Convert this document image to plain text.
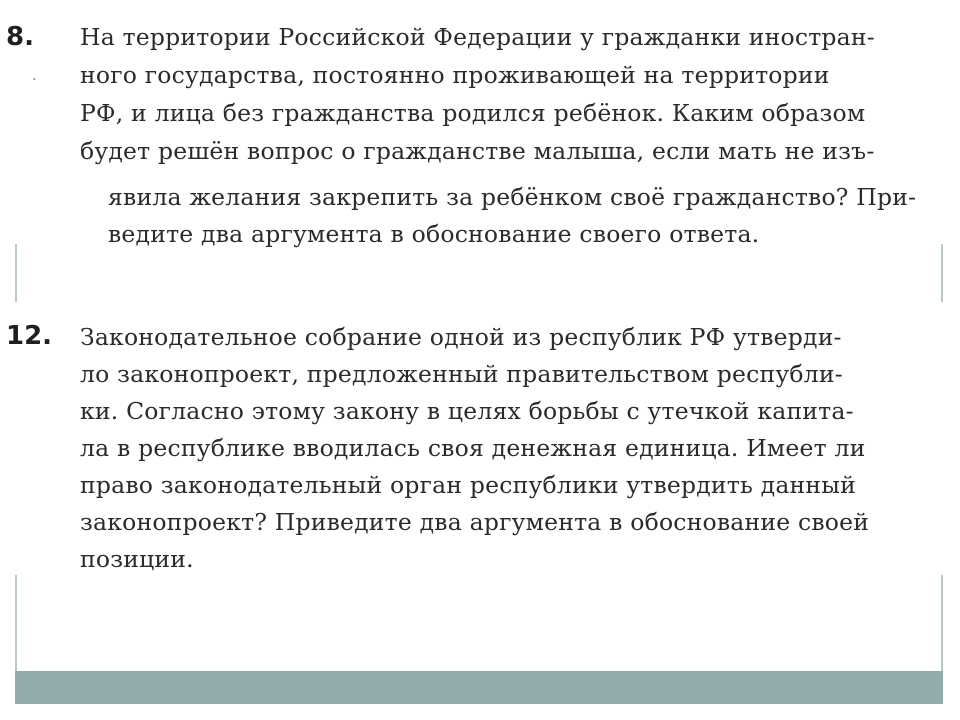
8.
·
На территории Российской Федерации у гражданки иностран-
ного государства, постоянно проживающей на территории
РФ, и лица без гражданства родился ребёнок. Каким образом
будет решён вопрос о гражданстве малыша, если мать не изъ-
явила желания закрепить за ребёнком своё гражданство? При-
ведите два аргумента в обоснование своего ответа.
12. Законодательное собрание одной из республик РФ утверди-
ло законопроект, предложенный правительством республи-
ки. Согласно этому закону в целях борьбы с утечкой капита-
ла в республике вводилась своя денежная единица. Имеет ли
право законодательный орган республики утвердить данный
законопроект? Приведите два аргумента в обоснование своей
позиции.
